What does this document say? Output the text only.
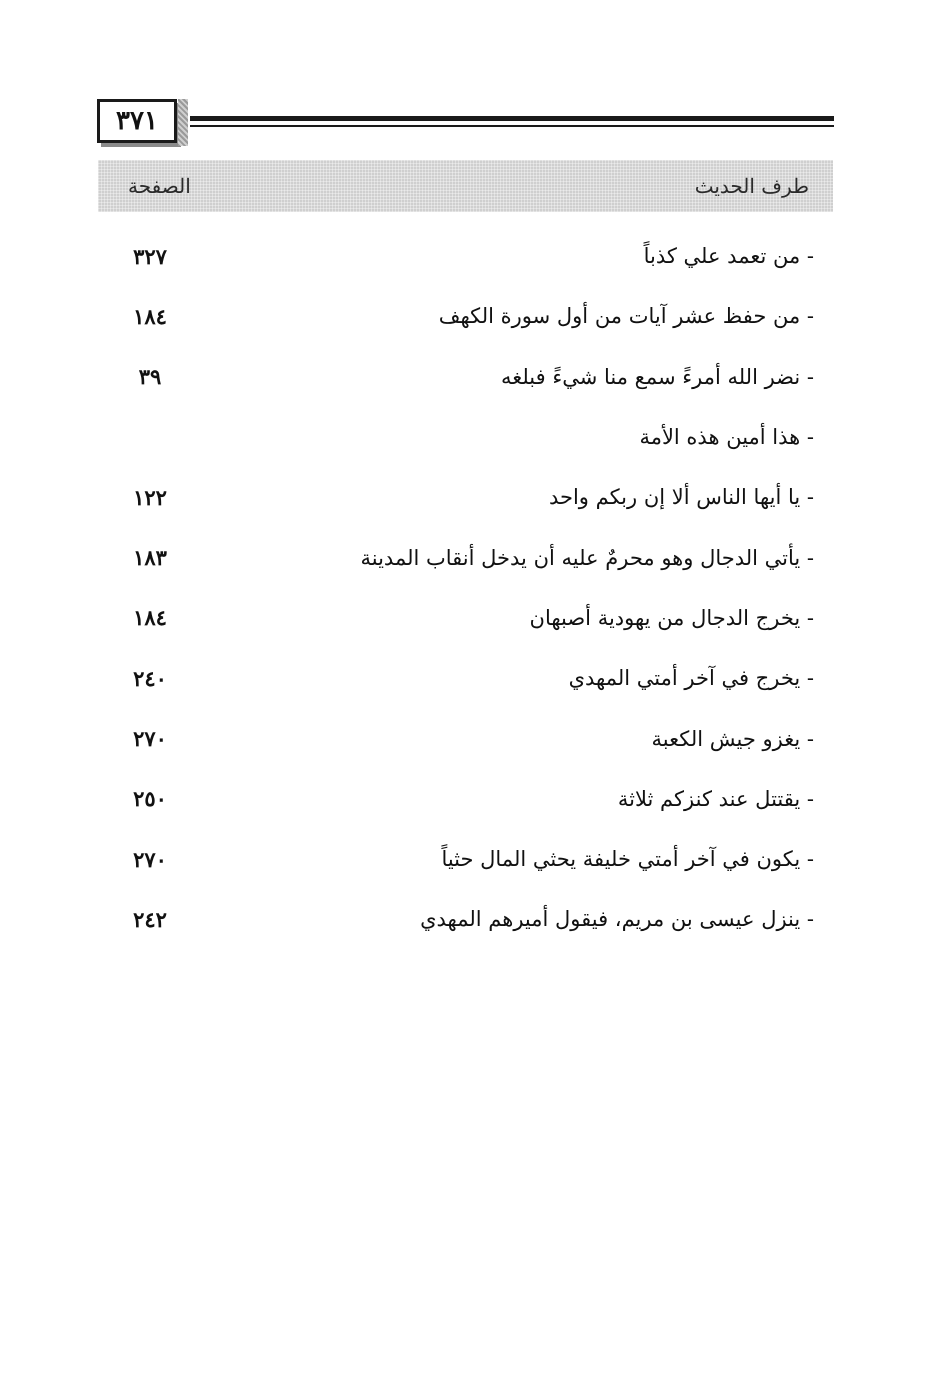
٣٧١
طرف الحديث
الصفحة
- من تعمد علي كذباً
٣٢٧
- من حفظ عشر آيات من أول سورة الكهف
١٨٤
- نضر الله أمرءً سمع منا شيءً فبلغه
٣٩
- هذا أمين هذه الأمة
- يا أيها الناس ألا إن ربكم واحد
١٢٢
- يأتي الدجال وهو محرمٌ عليه أن يدخل أنقاب المدينة
١٨٣
- يخرج الدجال من يهودية أصبهان
١٨٤
- يخرج في آخر أمتي المهدي
٢٤٠
- يغزو جيش الكعبة
٢٧٠
- يقتتل عند كنزكم ثلاثة
٢٥٠
- يكون في آخر أمتي خليفة يحثي المال حثياً
٢٧٠
- ينزل عيسى بن مريم، فيقول أميرهم المهدي
٢٤٢
